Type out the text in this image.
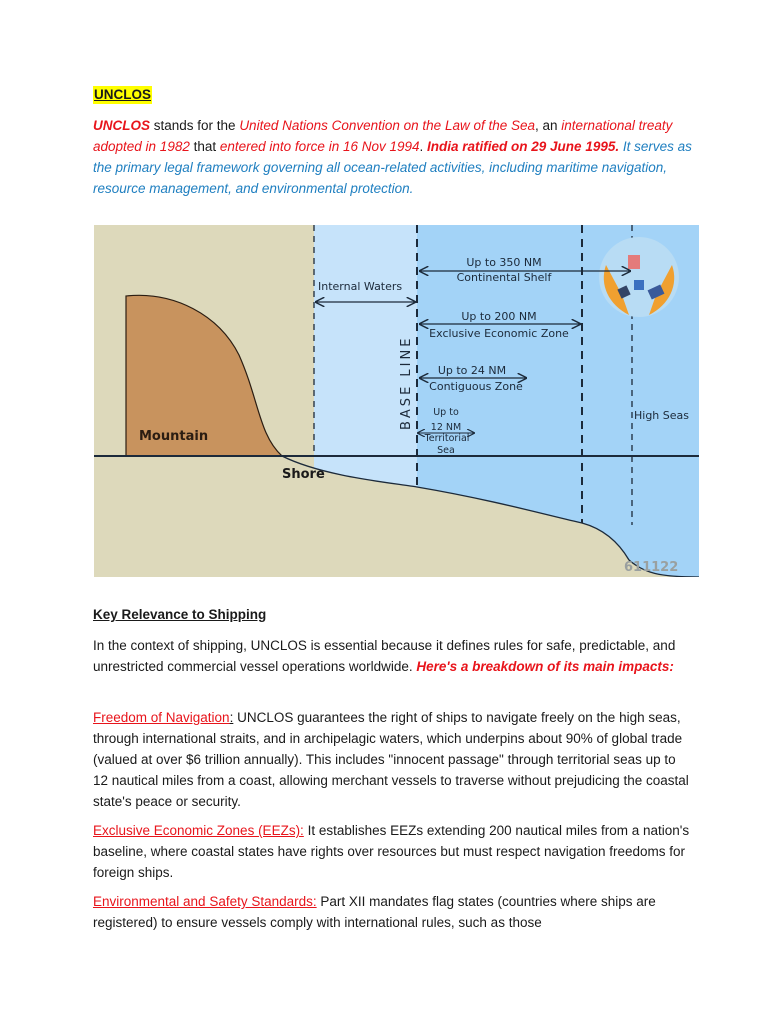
UNCLOS

UNCLOS stands for the United Nations Convention on the Law of the Sea, an international treaty adopted in 1982 that entered into force in 16 Nov 1994. India ratified on 29 June 1995. It serves as the primary legal framework governing all ocean-related activities, including maritime navigation, resource management, and environmental protection.

Internal Waters
BASE LINE
Up to 350 NM
Continental Shelf
Up to 200 NM
Exclusive Economic Zone
Up to 24 NM
Contiguous Zone
Up to
12 NM
Territorial
Sea
High Seas
Mountain
Shore
611122
Key Relevance to Shipping

In the context of shipping, UNCLOS is essential because it defines rules for safe, predictable, and unrestricted commercial vessel operations worldwide. Here's a breakdown of its main impacts:

Freedom of Navigation: UNCLOS guarantees the right of ships to navigate freely on the high seas, through international straits, and in archipelagic waters, which underpins about 90% of global trade (valued at over $6 trillion annually). This includes "innocent passage" through territorial seas up to 12 nautical miles from a coast, allowing merchant vessels to traverse without prejudicing the coastal state's peace or security.

Exclusive Economic Zones (EEZs): It establishes EEZs extending 200 nautical miles from a nation's baseline, where coastal states have rights over resources but must respect navigation freedoms for foreign ships.

Environmental and Safety Standards: Part XII mandates flag states (countries where ships are registered) to ensure vessels comply with international rules, such as those
